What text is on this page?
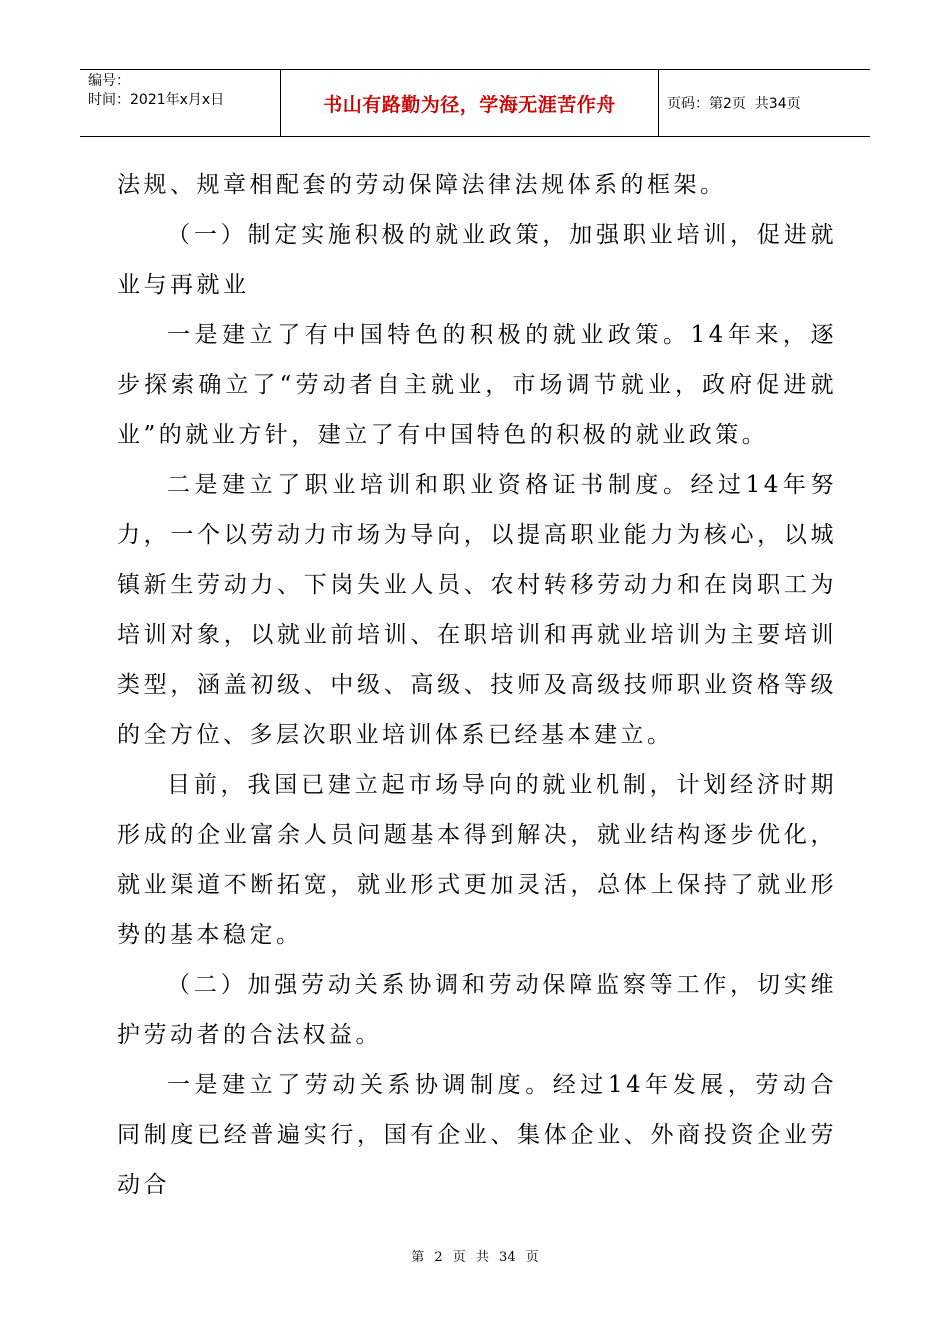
编号：
时间：2021年x月x日	书山有路勤为径，学海无涯苦作舟	页码：第2页  共34页

法规、规章相配套的劳动保障法律法规体系的框架。

（一）制定实施积极的就业政策，加强职业培训，促进就业与再就业

一是建立了有中国特色的积极的就业政策。14年来，逐步探索确立了“劳动者自主就业，市场调节就业，政府促进就业”的就业方针，建立了有中国特色的积极的就业政策。

二是建立了职业培训和职业资格证书制度。经过14年努力，一个以劳动力市场为导向，以提高职业能力为核心，以城镇新生劳动力、下岗失业人员、农村转移劳动力和在岗职工为培训对象，以就业前培训、在职培训和再就业培训为主要培训类型，涵盖初级、中级、高级、技师及高级技师职业资格等级的全方位、多层次职业培训体系已经基本建立。

目前，我国已建立起市场导向的就业机制，计划经济时期形成的企业富余人员问题基本得到解决，就业结构逐步优化，就业渠道不断拓宽，就业形式更加灵活，总体上保持了就业形势的基本稳定。

（二）加强劳动关系协调和劳动保障监察等工作，切实维护劳动者的合法权益。

一是建立了劳动关系协调制度。经过14年发展，劳动合同制度已经普遍实行，国有企业、集体企业、外商投资企业劳动合

第 2 页 共 34 页
